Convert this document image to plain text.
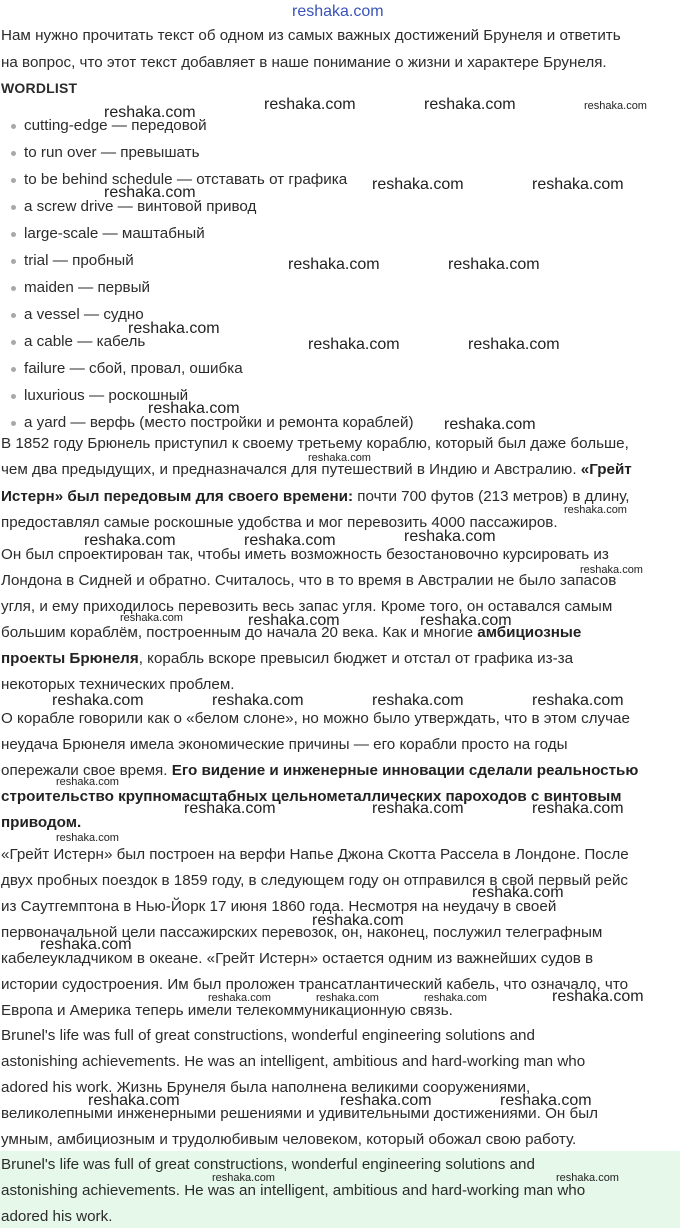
reshaka.com
Нам нужно прочитать текст об одном из самых важных достижений Брунеля и ответить
на вопрос, что этот текст добавляет в наше понимание о жизни и характере Брунеля.
WORDLIST
cutting-edge — передовой
to run over — превышать
to be behind schedule — отставать от графика
a screw drive — винтовой привод
large-scale — маштабный
trial — пробный
maiden — первый
a vessel — судно
a cable — кабель
failure — сбой, провал, ошибка
luxurious — роскошный
a yard — верфь (место постройки и ремонта кораблей)
В 1852 году Брюнель приступил к своему третьему кораблю, который был даже больше,
чем два предыдущих, и предназначался для путешествий в Индию и Австралию. «Грейт
Истерн» был передовым для своего времени: почти 700 футов (213 метров) в длину,
предоставлял самые роскошные удобства и мог перевозить 4000 пассажиров.
Он был спроектирован так, чтобы иметь возможность безостановочно курсировать из
Лондона в Сидней и обратно. Считалось, что в то время в Австралии не было запасов
угля, и ему приходилось перевозить весь запас угля. Кроме того, он оставался самым
большим кораблём, построенным до начала 20 века. Как и многие амбициозные
проекты Брюнеля, корабль вскоре превысил бюджет и отстал от графика из-за
некоторых технических проблем.
О корабле говорили как о «белом слоне», но можно было утверждать, что в этом случае
неудача Брюнеля имела экономические причины — его корабли просто на годы
опережали свое время. Его видение и инженерные инновации сделали реальностью
строительство крупномасштабных цельнометаллических пароходов с винтовым
приводом.
«Грейт Истерн» был построен на верфи Напье Джона Скотта Рассела в Лондоне. После
двух пробных поездок в 1859 году, в следующем году он отправился в свой первый рейс
из Саутгемптона в Нью-Йорк 17 июня 1860 года. Несмотря на неудачу в своей
первоначальной цели пассажирских перевозок, он, наконец, послужил телеграфным
кабелеукладчиком в океане. «Грейт Истерн» остается одним из важнейших судов в
истории судостроения. Им был проложен трансатлантический кабель, что означало, что
Европа и Америка теперь имели телекоммуникационную связь.
Brunel's life was full of great constructions, wonderful engineering solutions and
astonishing achievements. He was an intelligent, ambitious and hard-working man who
adored his work. Жизнь Брунеля была наполнена великими сооружениями,
великолепными инженерными решениями и удивительными достижениями. Он был
умным, амбициозным и трудолюбивым человеком, который обожал свою работу.
Brunel's life was full of great constructions, wonderful engineering solutions and
astonishing achievements. He was an intelligent, ambitious and hard-working man who
adored his work.
reshaka.com	reshaka.com	reshaka.com	reshaka.com
reshaka.com	reshaka.com	reshaka.com
reshaka.com	reshaka.com
reshaka.com
reshaka.com	reshaka.com
reshaka.com
reshaka.com
reshaka.com
reshaka.com
reshaka.com	reshaka.com	reshaka.com
reshaka.com
reshaka.com	reshaka.com	reshaka.com
reshaka.com	reshaka.com	reshaka.com	reshaka.com
reshaka.com
reshaka.com	reshaka.com	reshaka.com
reshaka.com
reshaka.com
reshaka.com
reshaka.com
reshaka.com	reshaka.com	reshaka.com	reshaka.com
reshaka.com	reshaka.com	reshaka.com
reshaka.com	reshaka.com
